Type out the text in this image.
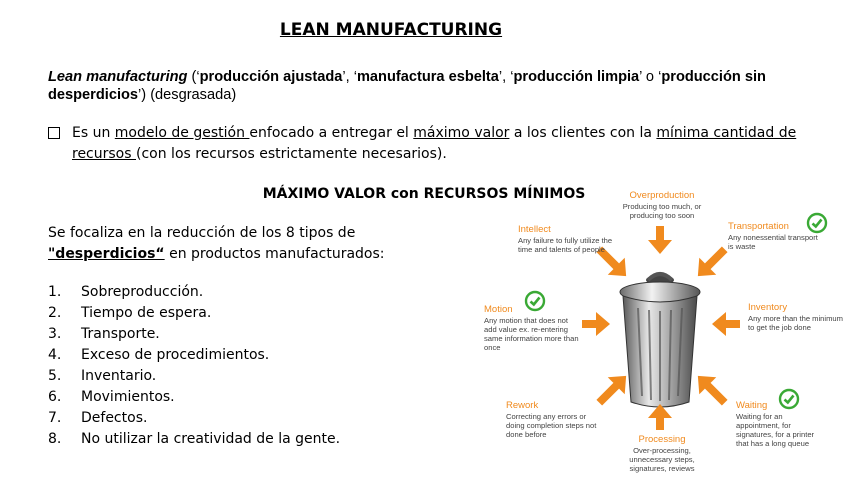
LEAN MANUFACTURING
Lean manufacturing (‘producción ajustada’, ‘manufactura esbelta’, ‘producción limpia’ o ‘producción sin desperdicios’) (desgrasada)
Es un modelo de gestión enfocado a entregar el máximo valor a los clientes con la mínima cantidad de recursos (con los recursos estrictamente necesarios).
MÁXIMO VALOR con RECURSOS MÍNIMOS
Se focaliza en la reducción de los 8 tipos de "desperdicios“ en productos manufacturados:
1. Sobreproducción.
2. Tiempo de espera.
3. Transporte.
4. Exceso de procedimientos.
5. Inventario.
6. Movimientos.
7. Defectos.
8. No utilizar la creatividad de la gente.
Overproduction
Producing too much, or producing too soon
Transportation
Any nonessential transport is waste
Inventory
Any more than the minimum to get the job done
Waiting
Waiting for an appointment, for signatures, for a printer that has a long queue
Processing
Over-processing, unnecessary steps, signatures, reviews
Rework
Correcting any errors or doing completion steps not done before
Motion
Any motion that does not add value ex. re-entering same information more than once
Intellect
Any failure to fully utilize the time and talents of people
